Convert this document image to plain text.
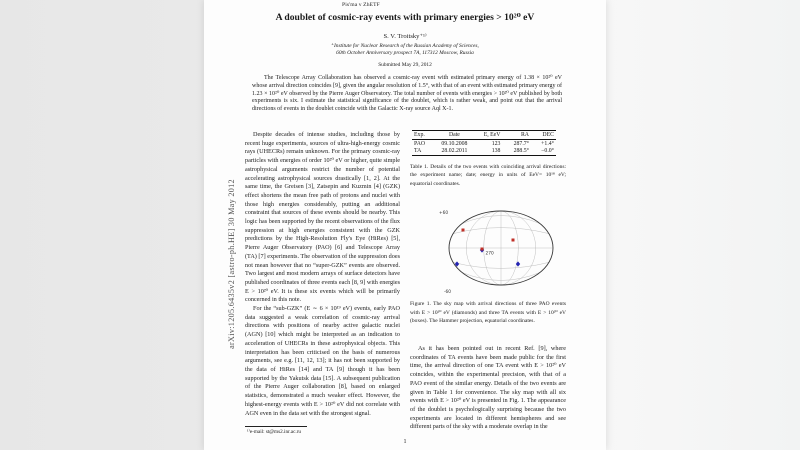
arXiv:1205.6435v2 [astro-ph.HE] 30 May 2012
Pis'ma v ZhETF
A doublet of cosmic-ray events with primary energies > 10²⁰ eV
S. V. Troitsky⁺¹⁾
⁺Institute for Nuclear Research of the Russian Academy of Sciences,
60th October Anniversary prospect 7A, 117312 Moscow, Russia
Submitted May 29, 2012
The Telescope Array Collaboration has observed a cosmic-ray event with estimated primary energy of 1.38 × 10²⁰ eV whose arrival direction coincides [9], given the angular resolution of 1.5°, with that of an event with estimated primary energy of 1.23 × 10²⁰ eV observed by the Pierre Auger Observatory. The total number of events with energies > 10²⁰ eV published by both experiments is six. I estimate the statistical significance of the doublet, which is rather weak, and point out that the arrival directions of events in the doublet coincide with the Galactic X-ray source Aql X-1.

Despite decades of intense studies, including those by recent huge experiments, sources of ultra-high-energy cosmic rays (UHECRs) remain unknown. For the primary cosmic-ray particles with energies of order 10²⁰ eV or higher, quite simple astrophysical arguments restrict the number of potential accelerating astrophysical sources drastically [1, 2]. At the same time, the Greisen [3], Zatsepin and Kuzmin [4] (GZK) effect shortens the mean free path of protons and nuclei with those high energies considerably, putting an additional constraint that sources of these events should be nearby. This logic has been supported by the recent observations of the flux suppression at high energies consistent with the GZK predictions by the High-Resolution Fly's Eye (HiRes) [5], Pierre Auger Observatory (PAO) [6] and Telescope Array (TA) [7] experiments. The observation of the suppression does not mean however that no “super-GZK” events are observed. Two largest and most modern arrays of surface detectors have published coordinates of three events each [8, 9] with energies E > 10²⁰ eV. It is these six events which will be primarily concerned in this note.

For the “sub-GZK” (E ∼ 6 × 10¹⁹ eV) events, early PAO data suggested a weak correlation of cosmic-ray arrival directions with positions of nearby active galactic nuclei (AGN) [10] which might be interpreted as an indication to acceleration of UHECRs in these astrophysical objects. This interpretation has been criticised on the basis of numerous arguments, see e.g. [11, 12, 13]; it has not been supported by the data of HiRes [14] and TA [9] though it has been supported by the Yakutsk data [15]. A subsequent publication of the Pierre Auger collaboration [8], based on enlarged statistics, demonstrated a much weaker effect. However, the highest-energy events with E > 10²⁰ eV did not correlate with AGN even in the data set with the strongest signal.

¹⁾e-mail: st@ms2.inr.ac.ru
Exp.	Date	E, EeV	RA	DEC
PAO	09.10.2008	123	287.7°	+1.4°
TA	28.02.2011	138	288.5°	−0.0°
Table 1. Details of the two events with coinciding arrival directions: the experiment name; date; energy in units of EeV= 10¹⁸ eV; equatorial coordinates.
+60
-60
270
Figure 1. The sky map with arrival directions of three PAO events with E > 10²⁰ eV (diamonds) and three TA events with E > 10²⁰ eV (boxes). The Hammer projection, equatorial coordinates.

As it has been pointed out in recent Ref. [9], where coordinates of TA events have been made public for the first time, the arrival direction of one TA event with E > 10²⁰ eV coincides, within the experimental precision, with that of a PAO event of the similar energy. Details of the two events are given in Table 1 for convenience. The sky map with all six events with E > 10²⁰ eV is presented in Fig. 1. The appearance of the doublet is psychologically surprising because the two experiments are located in different hemispheres and see different parts of the sky with a moderate overlap in the

1
